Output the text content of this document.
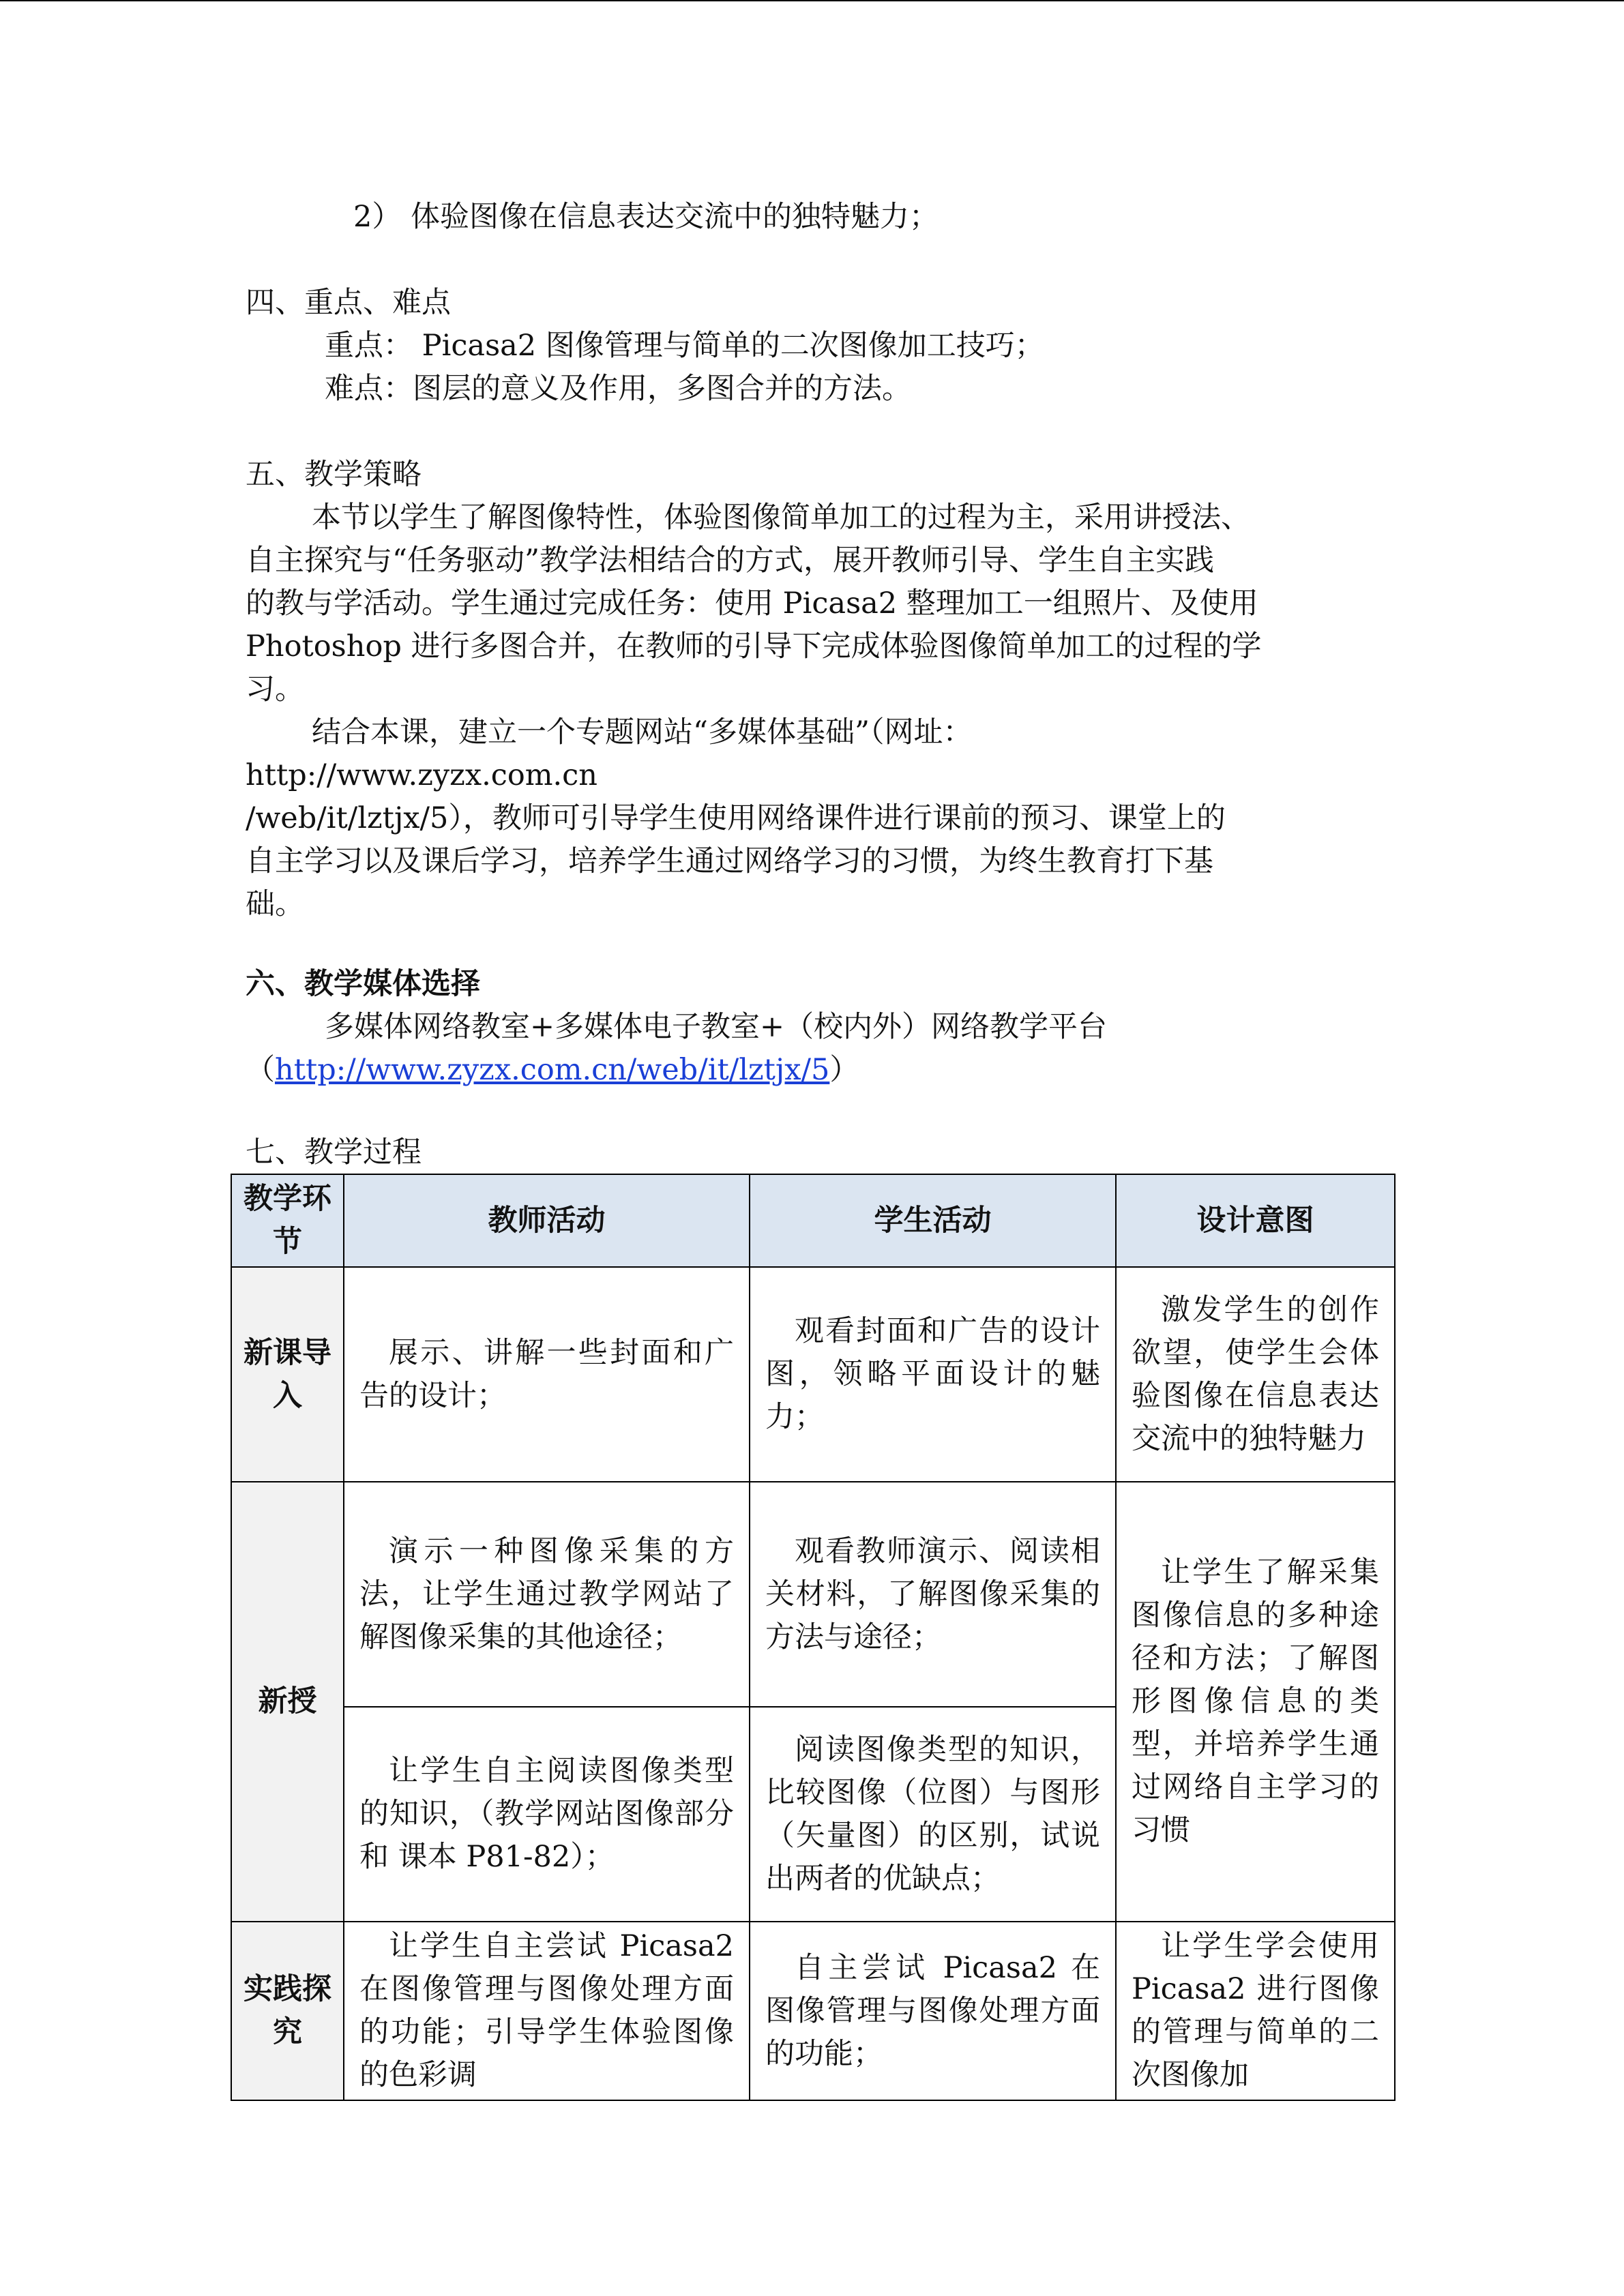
2） 体验图像在信息表达交流中的独特魅力；
四、重点、难点
重点： Picasa2 图像管理与简单的二次图像加工技巧；
难点：图层的意义及作用，多图合并的方法。
五、教学策略
本节以学生了解图像特性，体验图像简单加工的过程为主，采用讲授法、
自主探究与“任务驱动”教学法相结合的方式，展开教师引导、学生自主实践
的教与学活动。学生通过完成任务：使用 Picasa2 整理加工一组照片、及使用
Photoshop 进行多图合并，在教师的引导下完成体验图像简单加工的过程的学
习。
结合本课，建立一个专题网站“多媒体基础”（网址：
http://www.zyzx.com.cn
/web/it/lztjx/5），教师可引导学生使用网络课件进行课前的预习、课堂上的
自主学习以及课后学习，培养学生通过网络学习的习惯，为终生教育打下基
础。
六、教学媒体选择
多媒体网络教室+多媒体电子教室+（校内外）网络教学平台
（http://www.zyzx.com.cn/web/it/lztjx/5）
七、教学过程
教学环节	教师活动	学生活动	设计意图
新课导入	展示、讲解一些封面和广告的设计；	观看封面和广告的设计图，领略平面设计的魅力；	激发学生的创作欲望，使学生会体验图像在信息表达交流中的独特魅力
新授	演示一种图像采集的方法，让学生通过教学网站了解图像采集的其他途径；	观看教师演示、阅读相关材料，了解图像采集的方法与途径；	让学生了解采集图像信息的多种途径和方法；了解图形图像信息的类型，并培养学生通过网络自主学习的习惯
	让学生自主阅读图像类型的知识，（教学网站图像部分 和 课本 P81-82）；	阅读图像类型的知识，比较图像（位图）与图形（矢量图）的区别，试说出两者的优缺点；	
实践探究	让学生自主尝试 Picasa2 在图像管理与图像处理方面的功能；引导学生体验图像的色彩调	自主尝试 Picasa2 在图像管理与图像处理方面的功能；	让学生学会使用 Picasa2 进行图像的管理与简单的二次图像加
